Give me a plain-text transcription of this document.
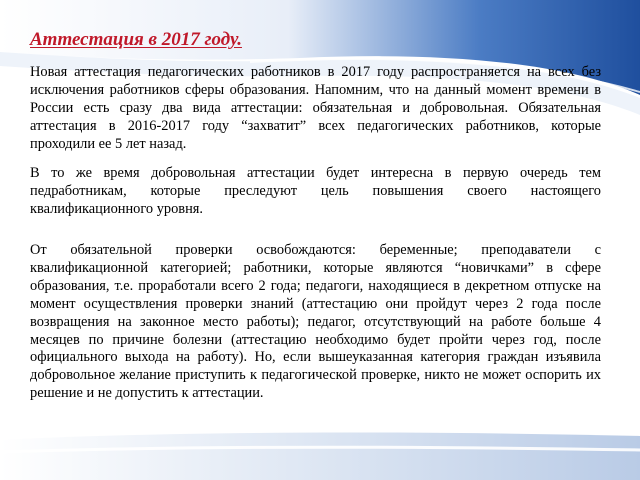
Аттестация в 2017 году.

Новая аттестация педагогических работников в 2017 году распространяется на всех без исключения работников сферы образования. Напомним, что на данный момент времени в России есть сразу два вида аттестации: обязательная и добровольная. Обязательная аттестация в 2016-2017 году “захватит” всех педагогических работников, которые проходили ее 5 лет назад.

В то же время добровольная аттестации будет интересна в первую очередь тем педработникам, которые преследуют цель повышения своего настоящего квалификационного уровня.

От обязательной проверки освобождаются: беременные; преподаватели с квалификационной категорией; работники, которые являются “новичками” в сфере образования, т.е. проработали всего 2 года; педагоги, находящиеся в декретном отпуске на момент осуществления проверки знаний (аттестацию они пройдут через 2 года после возвращения на законное место работы); педагог, отсутствующий на работе больше 4 месяцев по причине болезни (аттестацию необходимо будет пройти через год, после официального выхода на работу). Но, если вышеуказанная категория граждан изъявила добровольное желание приступить к педагогической проверке, никто не может оспорить их решение и не допустить к аттестации.
